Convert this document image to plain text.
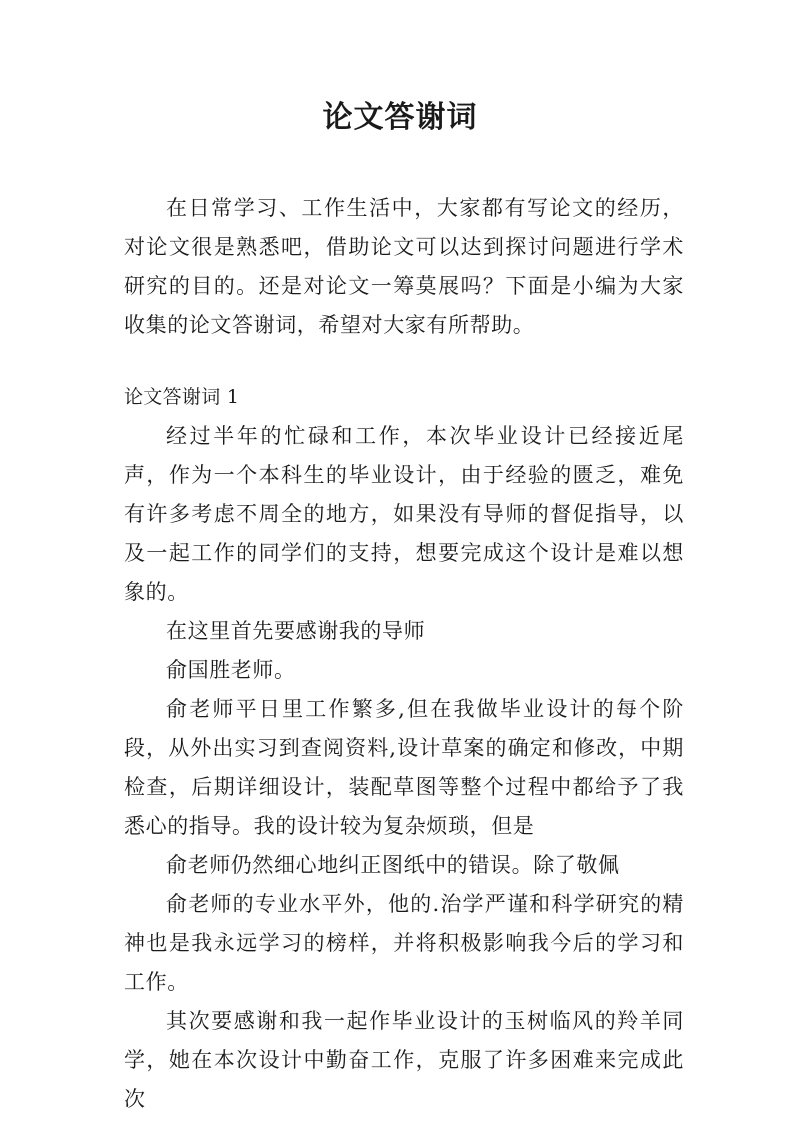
论文答谢词

在日常学习、工作生活中，大家都有写论文的经历，对论文很是熟悉吧，借助论文可以达到探讨问题进行学术研究的目的。还是对论文一筹莫展吗？下面是小编为大家收集的论文答谢词，希望对大家有所帮助。

论文答谢词 1

经过半年的忙碌和工作，本次毕业设计已经接近尾声，作为一个本科生的毕业设计，由于经验的匮乏，难免有许多考虑不周全的地方，如果没有导师的督促指导，以及一起工作的同学们的支持，想要完成这个设计是难以想象的。

在这里首先要感谢我的导师

俞国胜老师。

俞老师平日里工作繁多,但在我做毕业设计的每个阶段，从外出实习到查阅资料,设计草案的确定和修改，中期检查，后期详细设计，装配草图等整个过程中都给予了我悉心的指导。我的设计较为复杂烦琐，但是

俞老师仍然细心地纠正图纸中的错误。除了敬佩

俞老师的专业水平外，他的.治学严谨和科学研究的精神也是我永远学习的榜样，并将积极影响我今后的学习和工作。

其次要感谢和我一起作毕业设计的玉树临风的羚羊同学，她在本次设计中勤奋工作，克服了许多困难来完成此次
